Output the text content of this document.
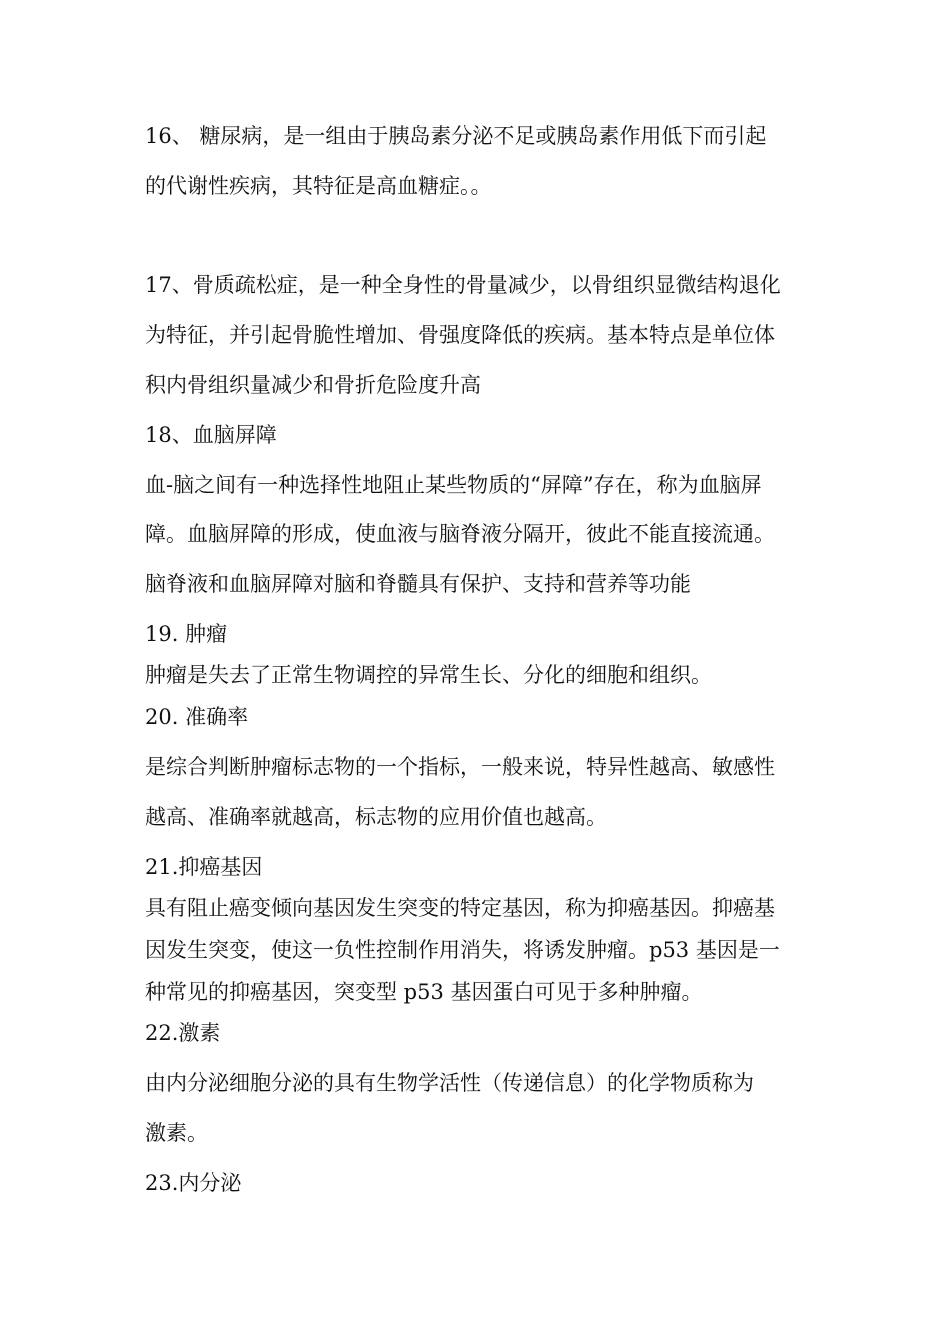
16、 糖尿病，是一组由于胰岛素分泌不足或胰岛素作用低下而引起
的代谢性疾病，其特征是高血糖症。。
17、骨质疏松症，是一种全身性的骨量减少，以骨组织显微结构退化
为特征，并引起骨脆性增加、骨强度降低的疾病。基本特点是单位体
积内骨组织量减少和骨折危险度升高
18、血脑屏障
血-脑之间有一种选择性地阻止某些物质的“屏障”存在，称为血脑屏
障。血脑屏障的形成，使血液与脑脊液分隔开，彼此不能直接流通。
脑脊液和血脑屏障对脑和脊髓具有保护、支持和营养等功能
19. 肿瘤
肿瘤是失去了正常生物调控的异常生长、分化的细胞和组织。
20. 准确率
是综合判断肿瘤标志物的一个指标，一般来说，特异性越高、敏感性
越高、准确率就越高，标志物的应用价值也越高。
21.抑癌基因
具有阻止癌变倾向基因发生突变的特定基因，称为抑癌基因。抑癌基
因发生突变，使这一负性控制作用消失，将诱发肿瘤。p53 基因是一
种常见的抑癌基因，突变型 p53 基因蛋白可见于多种肿瘤。
22.激素
由内分泌细胞分泌的具有生物学活性（传递信息）的化学物质称为
激素。
23.内分泌
